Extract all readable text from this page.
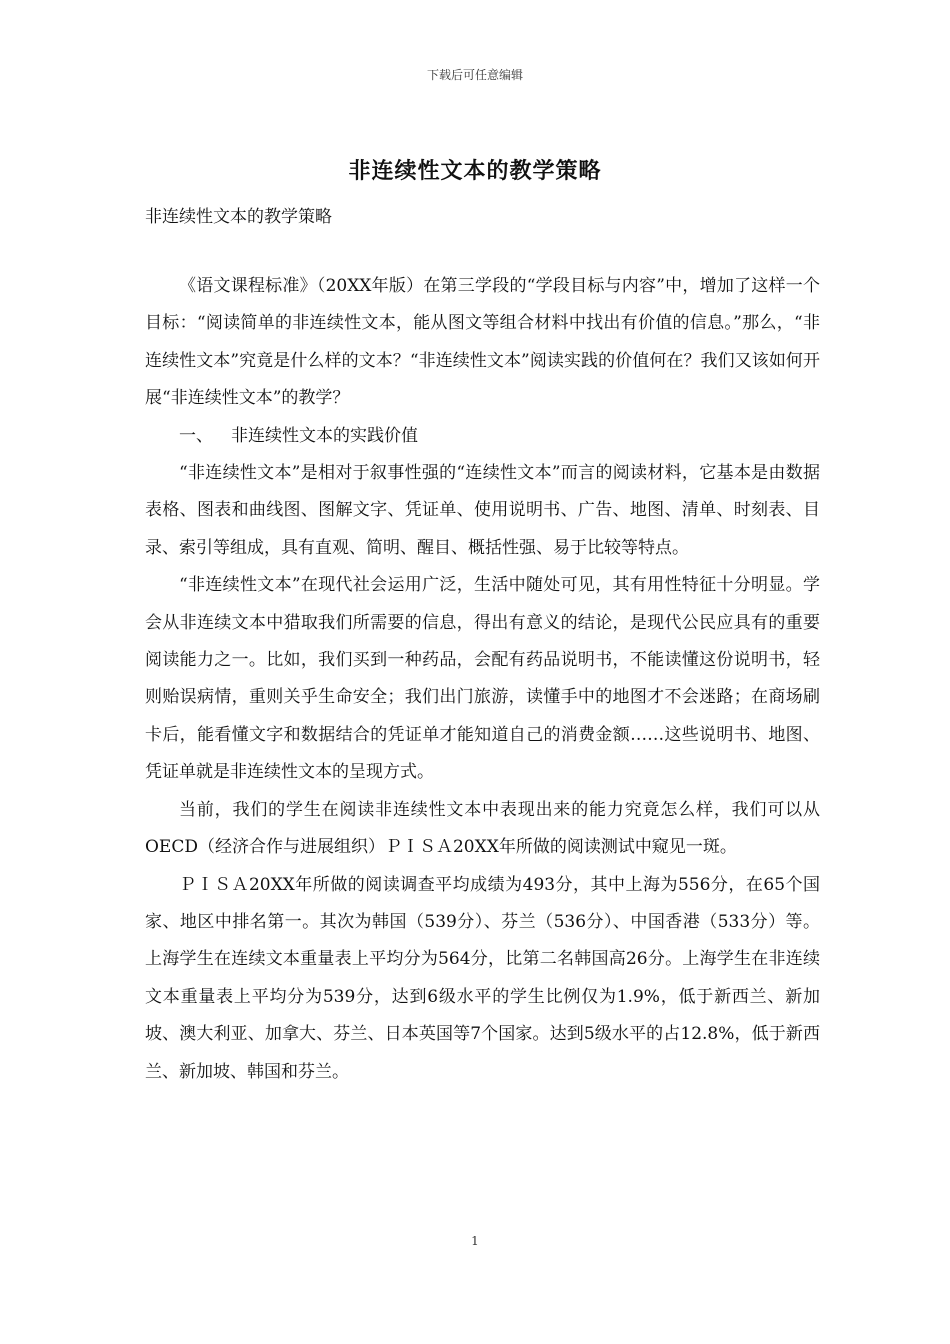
下载后可任意编辑
非连续性文本的教学策略
非连续性文本的教学策略

《语文课程标准》（20XX年版）在第三学段的“学段目标与内容”中，增加了这样一个目标：“阅读简单的非连续性文本，能从图文等组合材料中找出有价值的信息。”那么，“非连续性文本”究竟是什么样的文本？“非连续性文本”阅读实践的价值何在？我们又该如何开展“非连续性文本”的教学？

一、 非连续性文本的实践价值

“非连续性文本”是相对于叙事性强的“连续性文本”而言的阅读材料，它基本是由数据表格、图表和曲线图、图解文字、凭证单、使用说明书、广告、地图、清单、时刻表、目录、索引等组成，具有直观、简明、醒目、概括性强、易于比较等特点。

“非连续性文本”在现代社会运用广泛，生活中随处可见，其有用性特征十分明显。学会从非连续文本中猎取我们所需要的信息，得出有意义的结论，是现代公民应具有的重要阅读能力之一。比如，我们买到一种药品，会配有药品说明书，不能读懂这份说明书，轻则贻误病情，重则关乎生命安全；我们出门旅游，读懂手中的地图才不会迷路；在商场刷卡后，能看懂文字和数据结合的凭证单才能知道自己的消费金额……这些说明书、地图、凭证单就是非连续性文本的呈现方式。

当前，我们的学生在阅读非连续性文本中表现出来的能力究竟怎么样，我们可以从OECD（经济合作与进展组织）ＰＩＳＡ20XX年所做的阅读测试中窥见一斑。

ＰＩＳＡ20XX年所做的阅读调查平均成绩为493分，其中上海为556分，在65个国家、地区中排名第一。其次为韩国（539分）、芬兰（536分）、中国香港（533分）等。上海学生在连续文本重量表上平均分为564分，比第二名韩国高26分。上海学生在非连续文本重量表上平均分为539分，达到6级水平的学生比例仅为1.9%，低于新西兰、新加坡、澳大利亚、加拿大、芬兰、日本英国等7个国家。达到5级水平的占12.8%，低于新西兰、新加坡、韩国和芬兰。

1
